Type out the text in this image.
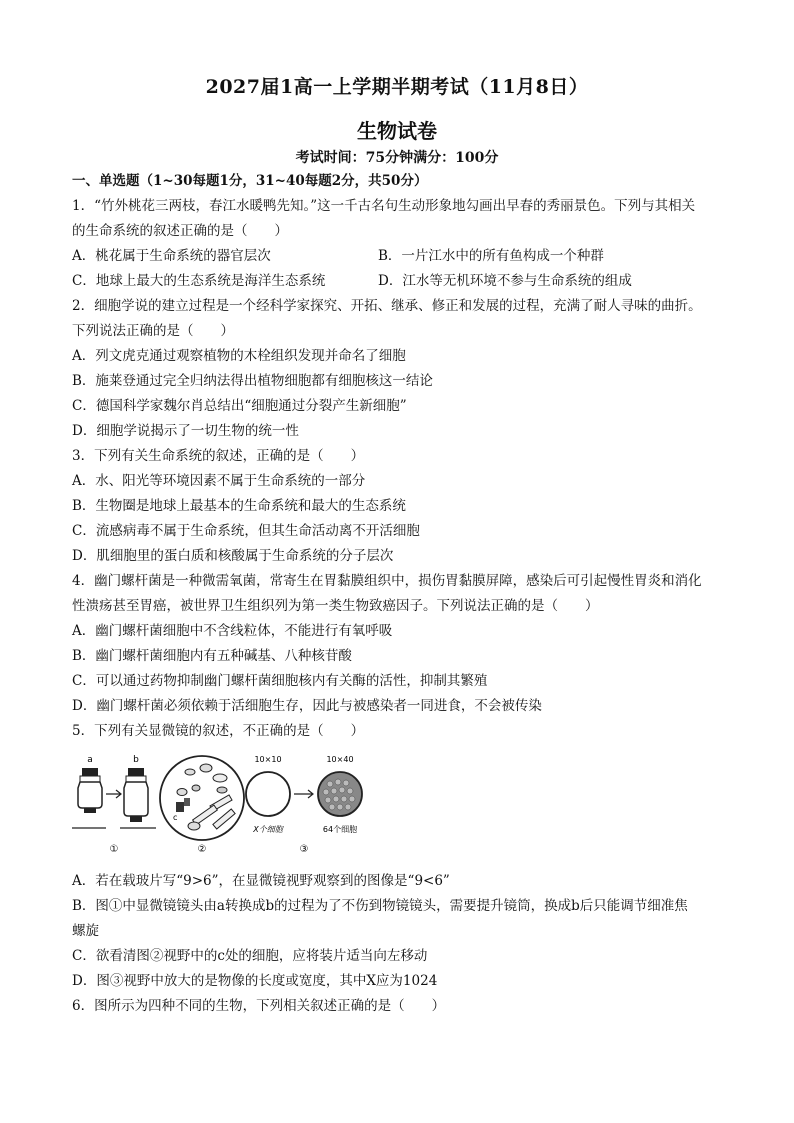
2027届1高一上学期半期考试（11月8日）
生物试卷
考试时间：75分钟满分：100分
一、单选题（1~30每题1分，31~40每题2分，共50分）
1．“竹外桃花三两枝，春江水暖鸭先知。”这一千古名句生动形象地勾画出早春的秀丽景色。下列与其相关
的生命系统的叙述正确的是（　　）
A．桃花属于生命系统的器官层次	B．一片江水中的所有鱼构成一个种群
C．地球上最大的生态系统是海洋生态系统	D．江水等无机环境不参与生命系统的组成
2．细胞学说的建立过程是一个经科学家探究、开拓、继承、修正和发展的过程，充满了耐人寻味的曲折。
下列说法正确的是（　　）
A．列文虎克通过观察植物的木栓组织发现并命名了细胞
B．施莱登通过完全归纳法得出植物细胞都有细胞核这一结论
C．德国科学家魏尔肖总结出“细胞通过分裂产生新细胞”
D．细胞学说揭示了一切生物的统一性
3．下列有关生命系统的叙述，正确的是（　　）
A．水、阳光等环境因素不属于生命系统的一部分
B．生物圈是地球上最基本的生命系统和最大的生态系统
C．流感病毒不属于生命系统，但其生命活动离不开活细胞
D．肌细胞里的蛋白质和核酸属于生命系统的分子层次
4．幽门螺杆菌是一种微需氧菌，常寄生在胃黏膜组织中，损伤胃黏膜屏障，感染后可引起慢性胃炎和消化
性溃疡甚至胃癌，被世界卫生组织列为第一类生物致癌因子。下列说法正确的是（　　）
A．幽门螺杆菌细胞中不含线粒体，不能进行有氧呼吸
B．幽门螺杆菌细胞内有五种碱基、八种核苷酸
C．可以通过药物抑制幽门螺杆菌细胞核内有关酶的活性，抑制其繁殖
D．幽门螺杆菌必须依赖于活细胞生存，因此与被感染者一同进食，不会被传染
5．下列有关显微镜的叙述，不正确的是（　　）
a	b
①
c
②
10×10
X个细胞
10×40
64个细胞
③
A．若在载玻片写“9>6”，在显微镜视野观察到的图像是“9<6”
B．图①中显微镜镜头由a转换成b的过程为了不伤到物镜镜头，需要提升镜筒，换成b后只能调节细准焦
螺旋
C．欲看清图②视野中的c处的细胞，应将装片适当向左移动
D．图③视野中放大的是物像的长度或宽度，其中X应为1024
6．图所示为四种不同的生物，下列相关叙述正确的是（　　）
